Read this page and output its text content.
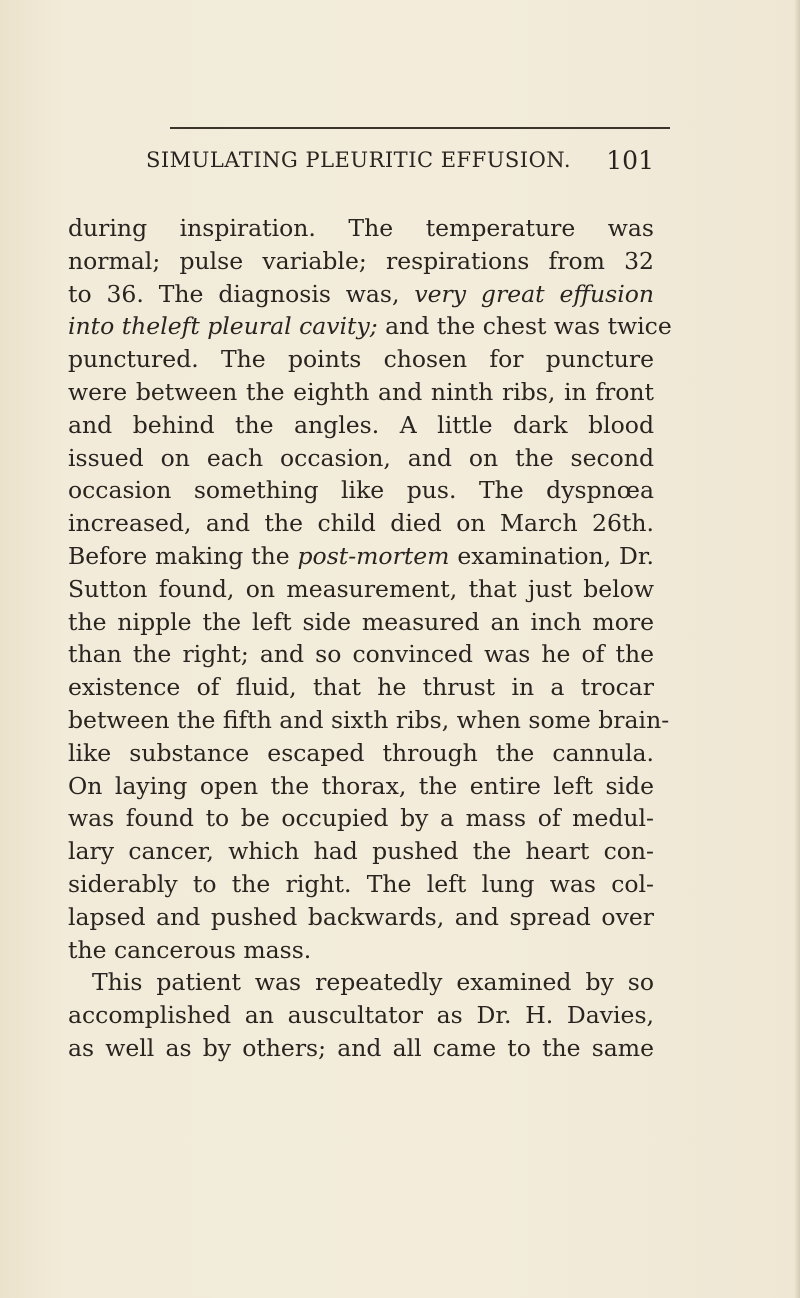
SIMULATING PLEURITIC EFFUSION. 101
during inspiration. The temperature was
normal; pulse variable; respirations from 32
to 36. The diagnosis was, very great effusion
into theleft pleural cavity; and the chest was twice
punctured. The points chosen for puncture
were between the eighth and ninth ribs, in front
and behind the angles. A little dark blood
issued on each occasion, and on the second
occasion something like pus. The dyspnœa
increased, and the child died on March 26th.
Before making the post-mortem examination, Dr.
Sutton found, on measurement, that just below
the nipple the left side measured an inch more
than the right; and so convinced was he of the
existence of fluid, that he thrust in a trocar
between the fifth and sixth ribs, when some brain-
like substance escaped through the cannula.
On laying open the thorax, the entire left side
was found to be occupied by a mass of medul-
lary cancer, which had pushed the heart con-
siderably to the right. The left lung was col-
lapsed and pushed backwards, and spread over
the cancerous mass.
This patient was repeatedly examined by so
accomplished an auscultator as Dr. H. Davies,
as well as by others; and all came to the same
